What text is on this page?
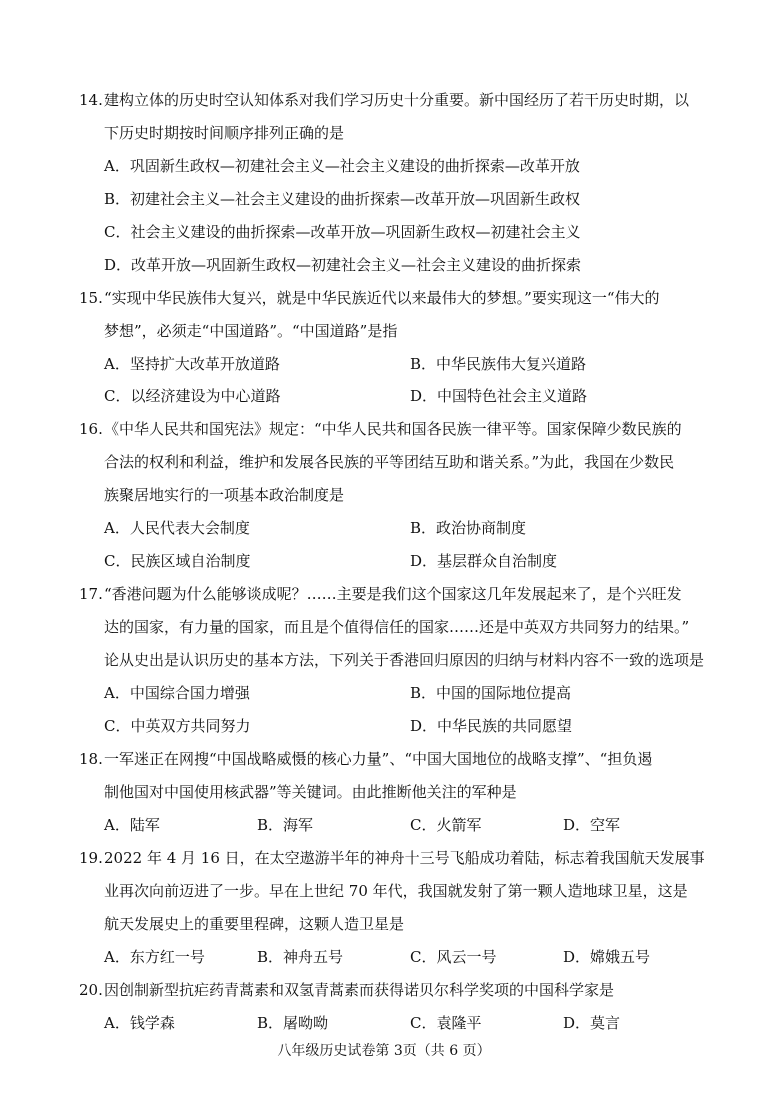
14. 建构立体的历史时空认知体系对我们学习历史十分重要。新中国经历了若干历史时期，以
下历史时期按时间顺序排列正确的是
A．巩固新生政权—初建社会主义—社会主义建设的曲折探索—改革开放
B．初建社会主义—社会主义建设的曲折探索—改革开放—巩固新生政权
C．社会主义建设的曲折探索—改革开放—巩固新生政权—初建社会主义
D．改革开放—巩固新生政权—初建社会主义—社会主义建设的曲折探索
15. “实现中华民族伟大复兴，就是中华民族近代以来最伟大的梦想。”要实现这一“伟大的
梦想”，必须走“中国道路”。“中国道路”是指
A．坚持扩大改革开放道路	B．中华民族伟大复兴道路
C．以经济建设为中心道路	D．中国特色社会主义道路
16. 《中华人民共和国宪法》规定：“中华人民共和国各民族一律平等。国家保障少数民族的
合法的权利和利益，维护和发展各民族的平等团结互助和谐关系。”为此，我国在少数民
族聚居地实行的一项基本政治制度是
A．人民代表大会制度	B．政治协商制度
C．民族区域自治制度	D．基层群众自治制度
17. “香港问题为什么能够谈成呢？……主要是我们这个国家这几年发展起来了，是个兴旺发
达的国家，有力量的国家，而且是个值得信任的国家……还是中英双方共同努力的结果。”
论从史出是认识历史的基本方法，下列关于香港回归原因的归纳与材料内容不一致的选项是
A．中国综合国力增强	B．中国的国际地位提高
C．中英双方共同努力	D．中华民族的共同愿望
18. 一军迷正在网搜“中国战略威慑的核心力量”、“中国大国地位的战略支撑”、“担负遏
制他国对中国使用核武器”等关键词。由此推断他关注的军种是
A．陆军	B．海军	C．火箭军	D．空军
19. 2022 年 4 月 16 日，在太空遨游半年的神舟十三号飞船成功着陆，标志着我国航天发展事
业再次向前迈进了一步。早在上世纪 70 年代，我国就发射了第一颗人造地球卫星，这是
航天发展史上的重要里程碑，这颗人造卫星是
A．东方红一号	B．神舟五号	C．风云一号	D．嫦娥五号
20. 因创制新型抗疟药青蒿素和双氢青蒿素而获得诺贝尔科学奖项的中国科学家是
A．钱学森	B．屠呦呦	C．袁隆平	D．莫言
八年级历史试卷第 3页（共 6 页）
